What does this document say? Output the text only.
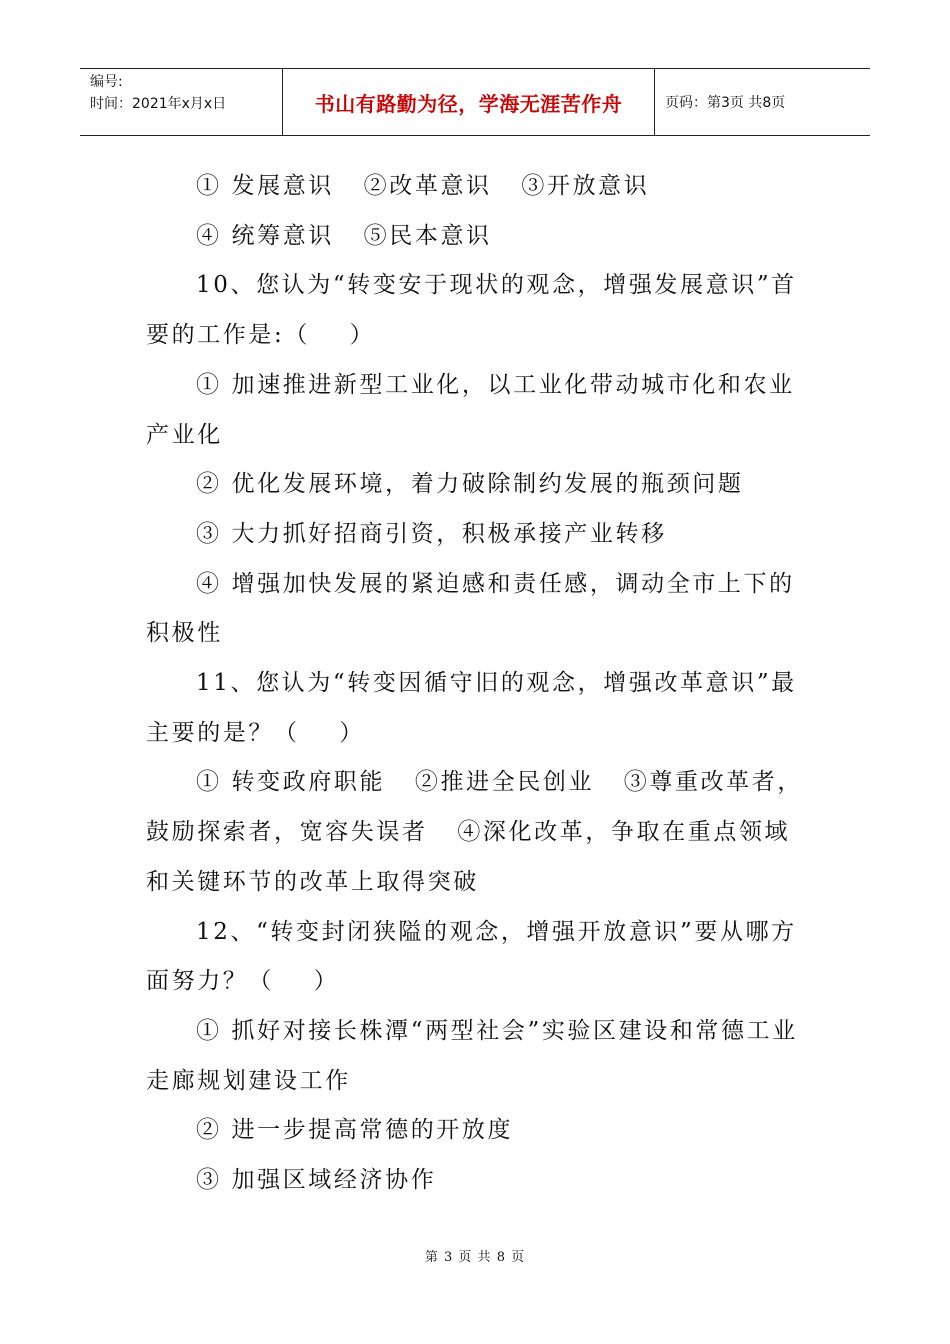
编号:
时间：2021年x月x日	书山有路勤为径，学海无涯苦作舟	页码：第3页 共8页

① 发展意识   ②改革意识   ③开放意识

④ 统筹意识   ⑤民本意识

10、您认为“转变安于现状的观念，增强发展意识”首要的工作是:（    ）

① 加速推进新型工业化，以工业化带动城市化和农业产业化

② 优化发展环境，着力破除制约发展的瓶颈问题

③ 大力抓好招商引资，积极承接产业转移

④ 增强加快发展的紧迫感和责任感，调动全市上下的积极性

11、您认为“转变因循守旧的观念，增强改革意识”最主要的是？（    ）

① 转变政府职能   ②推进全民创业   ③尊重改革者，鼓励探索者，宽容失误者   ④深化改革，争取在重点领域和关键环节的改革上取得突破

12、“转变封闭狭隘的观念，增强开放意识”要从哪方面努力？（    ）

① 抓好对接长株潭“两型社会”实验区建设和常德工业走廊规划建设工作

② 进一步提高常德的开放度

③ 加强区域经济协作

第 3 页 共 8 页
